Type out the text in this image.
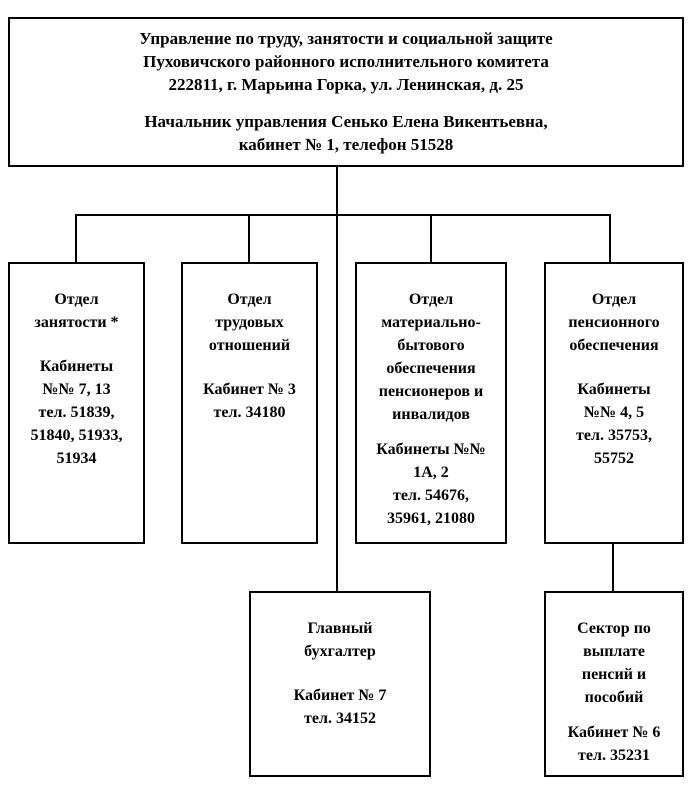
Управление по труду, занятости и социальной защите

Пуховичского районного исполнительного комитета

222811, г. Марьина Горка, ул. Ленинская, д. 25

Начальник управления Сенько Елена Викентьевна,

кабинет № 1, телефон 51528

Отдел

занятости *

Кабинеты

№№ 7, 13

тел. 51839,

51840, 51933,

51934

Отдел

трудовых

отношений

Кабинет № 3

тел. 34180

Отдел

материально-

бытового

обеспечения

пенсионеров и

инвалидов

Кабинеты №№

1А, 2

тел. 54676,

35961, 21080

Отдел

пенсионного

обеспечения

Кабинеты

№№ 4, 5

тел. 35753,

55752

Главный

бухгалтер

Кабинет № 7

тел. 34152

Сектор по

выплате

пенсий и

пособий

Кабинет № 6

тел. 35231
